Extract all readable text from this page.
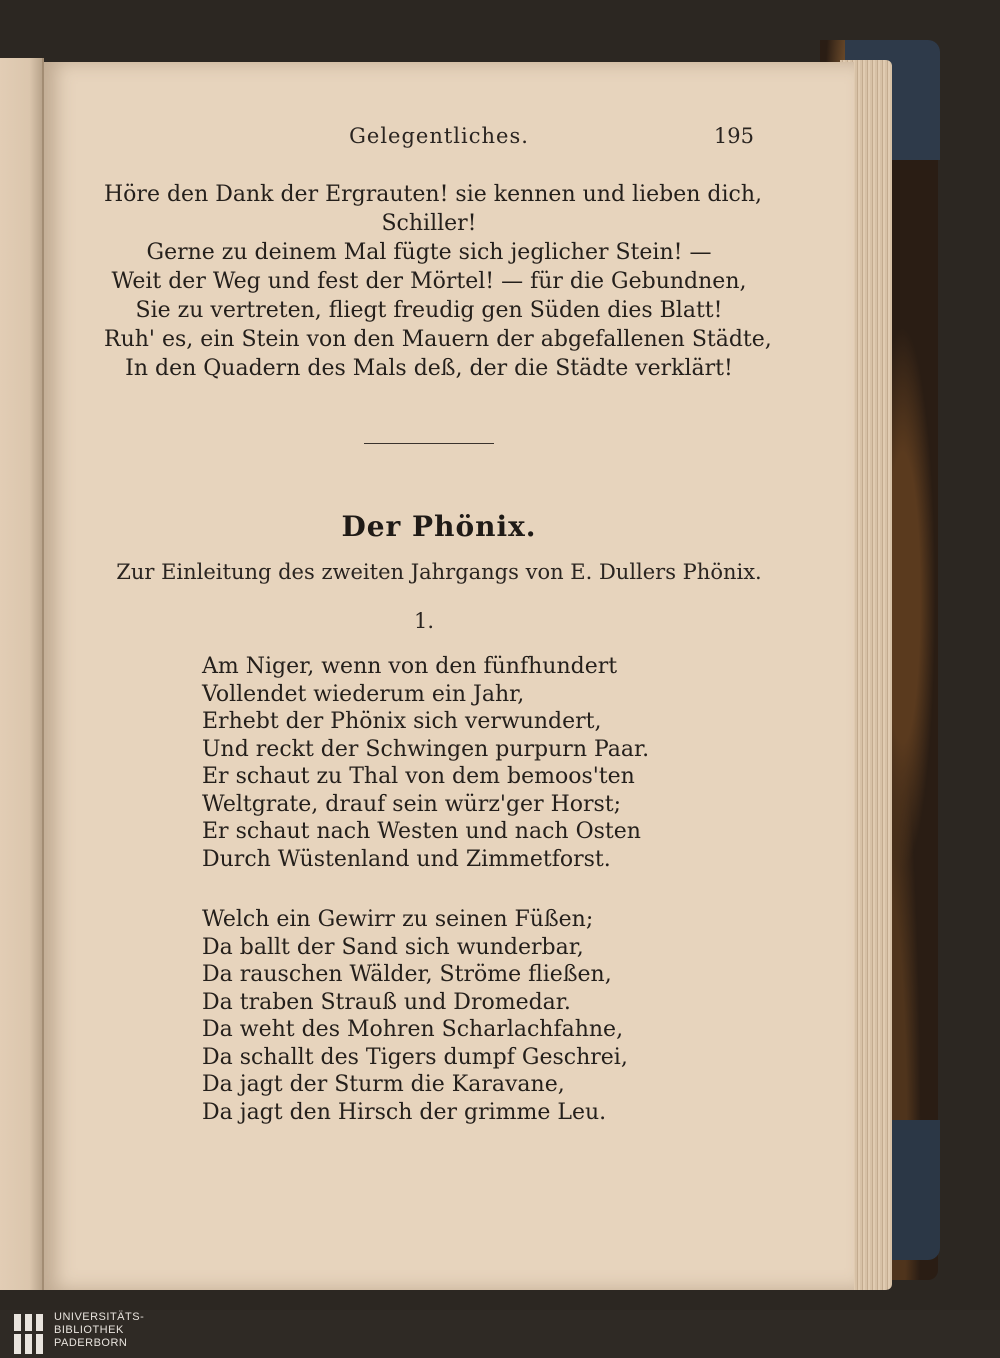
Gelegentliches.	195
Höre den Dank der Ergrauten! sie kennen und lieben dich,
Schiller!
Gerne zu deinem Mal fügte sich jeglicher Stein! —
Weit der Weg und fest der Mörtel! — für die Gebundnen,
Sie zu vertreten, fliegt freudig gen Süden dies Blatt!
Ruh' es, ein Stein von den Mauern der abgefallenen Städte,
In den Quadern des Mals deß, der die Städte verklärt!
Der Phönix.
Zur Einleitung des zweiten Jahrgangs von E. Dullers Phönix.
1.
Am Niger, wenn von den fünfhundert
Vollendet wiederum ein Jahr,
Erhebt der Phönix sich verwundert,
Und reckt der Schwingen purpurn Paar.
Er schaut zu Thal von dem bemoos'ten
Weltgrate, drauf sein würz'ger Horst;
Er schaut nach Westen und nach Osten
Durch Wüstenland und Zimmetforst.
Welch ein Gewirr zu seinen Füßen;
Da ballt der Sand sich wunderbar,
Da rauschen Wälder, Ströme fließen,
Da traben Strauß und Dromedar.
Da weht des Mohren Scharlachfahne,
Da schallt des Tigers dumpf Geschrei,
Da jagt der Sturm die Karavane,
Da jagt den Hirsch der grimme Leu.
UNIVERSITÄTS-
BIBLIOTHEK
PADERBORN
